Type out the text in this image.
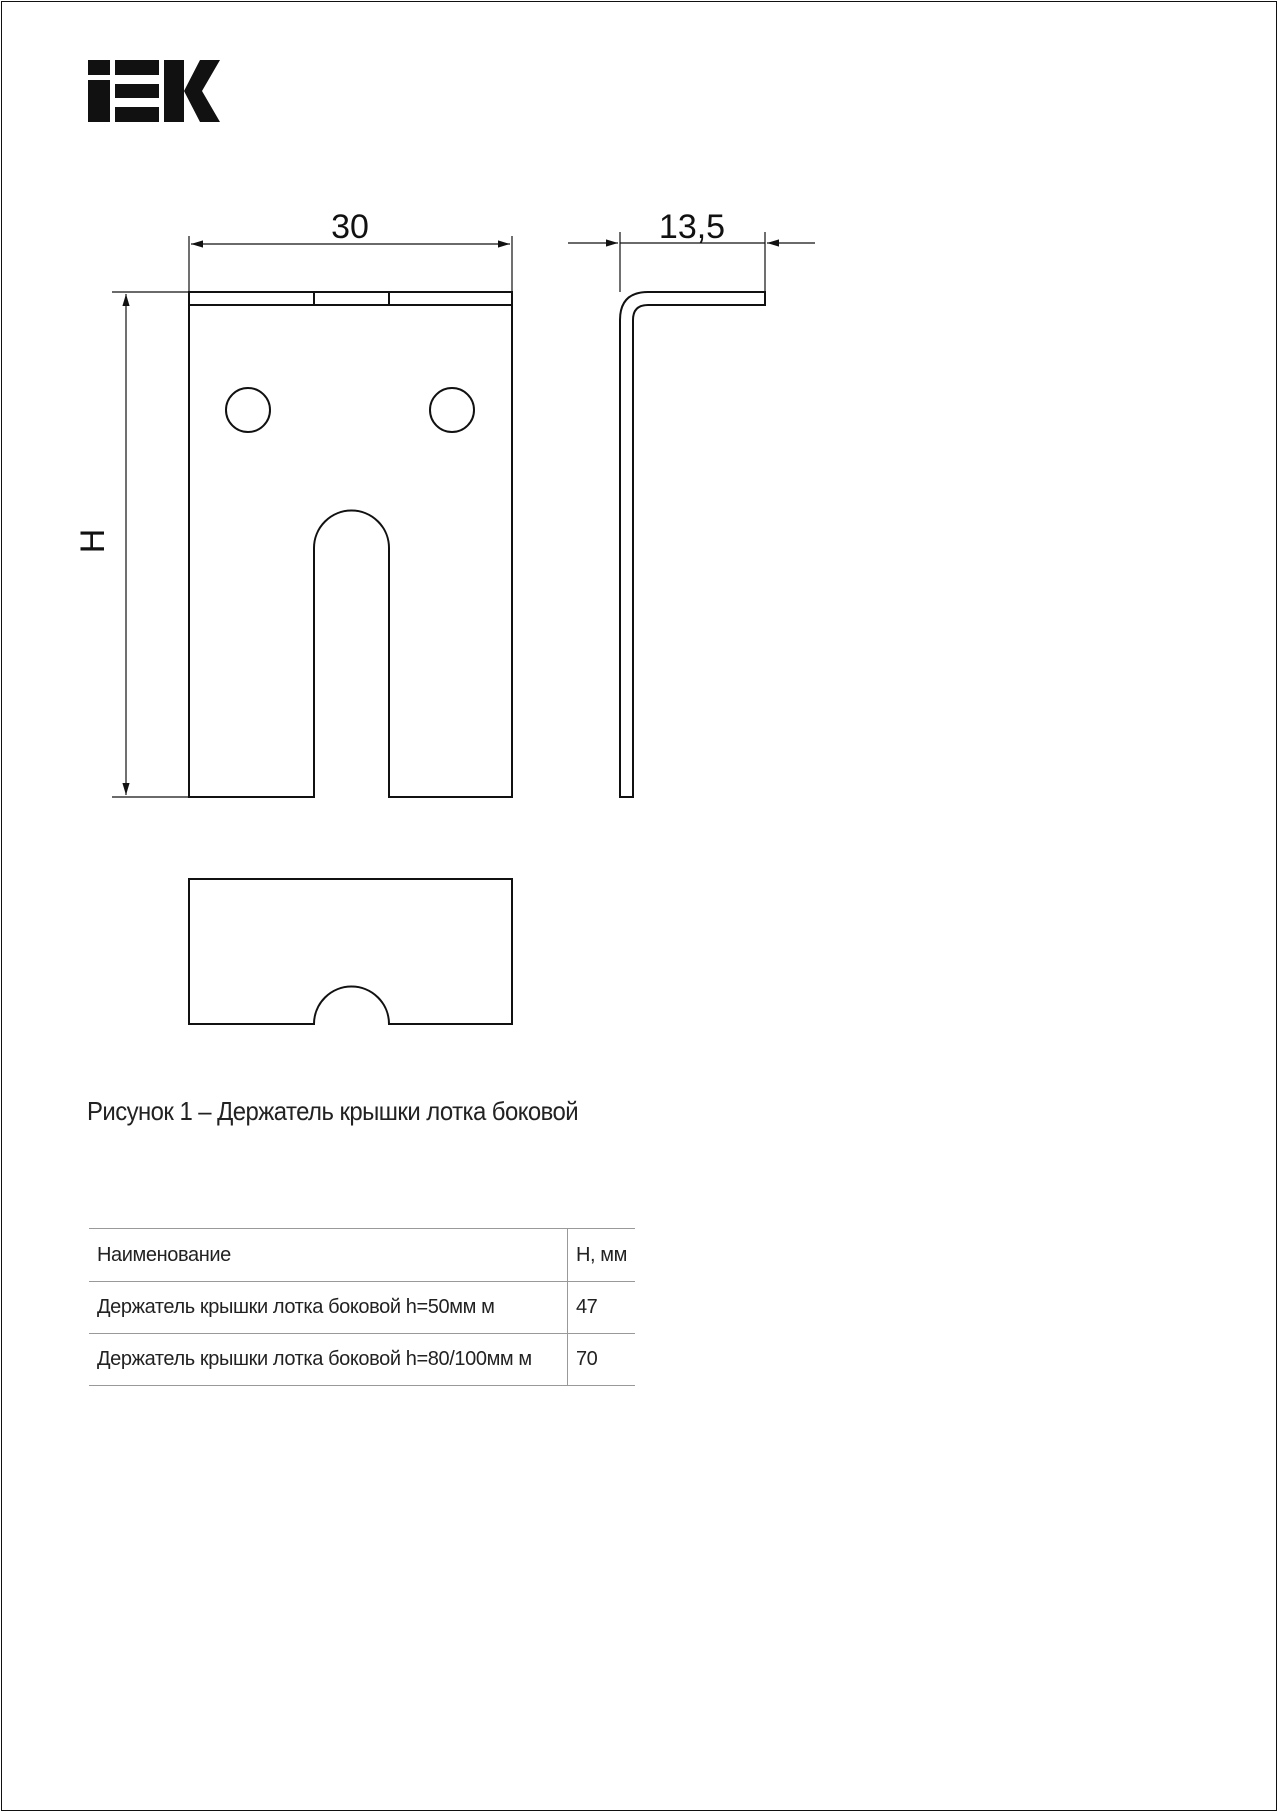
30	13,5
H
Рисунок 1 – Держатель крышки лотка боковой
Наименование	H, мм
Держатель крышки лотка боковой h=50мм м	47
Держатель крышки лотка боковой h=80/100мм м	70
